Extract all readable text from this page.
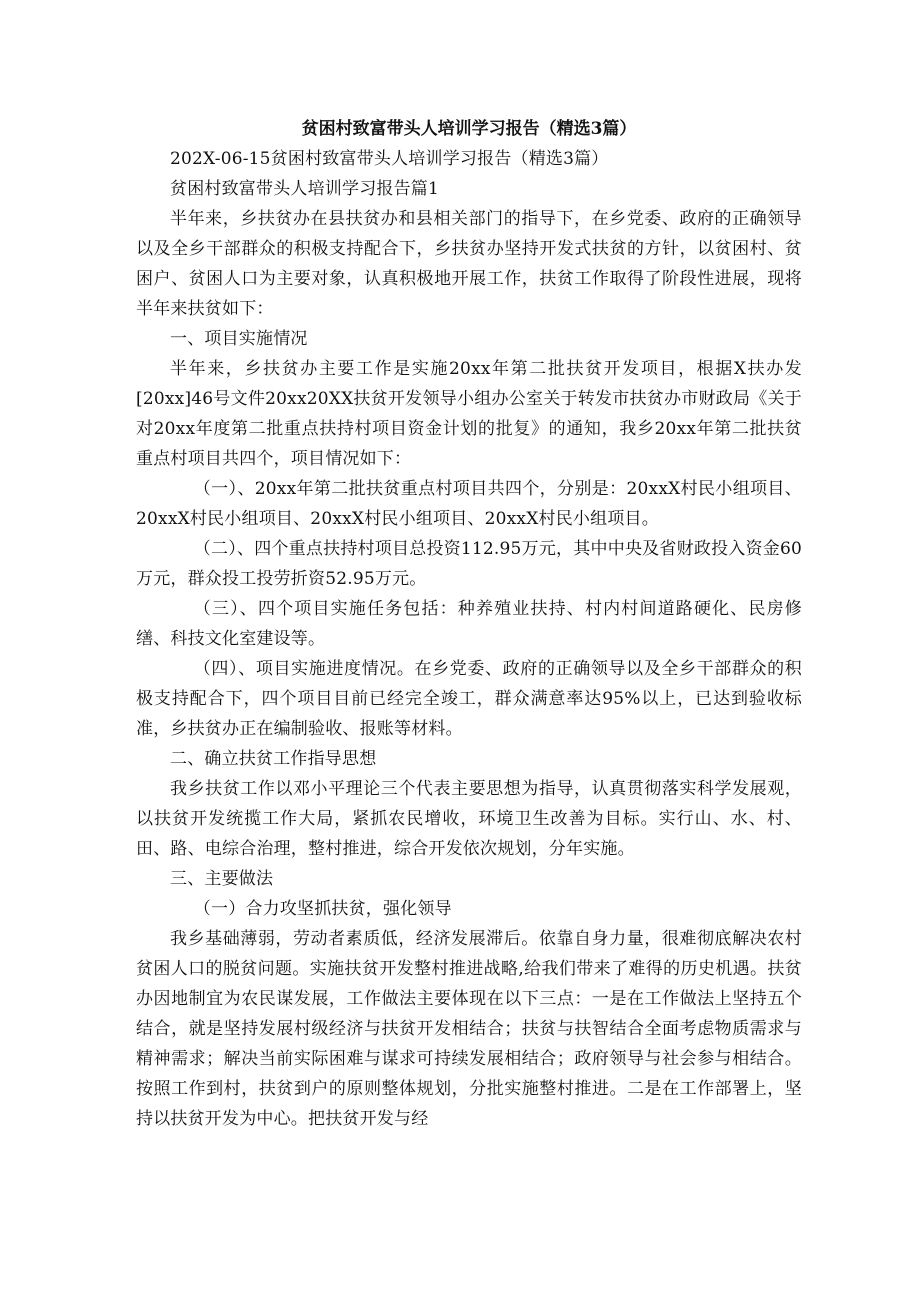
贫困村致富带头人培训学习报告（精选3篇）

202X-06-15贫困村致富带头人培训学习报告（精选3篇）

贫困村致富带头人培训学习报告篇1

半年来，乡扶贫办在县扶贫办和县相关部门的指导下，在乡党委、政府的正确领导以及全乡干部群众的积极支持配合下，乡扶贫办坚持开发式扶贫的方针，以贫困村、贫困户、贫困人口为主要对象，认真积极地开展工作，扶贫工作取得了阶段性进展，现将半年来扶贫如下：

一、项目实施情况

半年来，乡扶贫办主要工作是实施20xx年第二批扶贫开发项目，根据X扶办发[20xx]46号文件20xx20XX扶贫开发领导小组办公室关于转发市扶贫办市财政局《关于对20xx年度第二批重点扶持村项目资金计划的批复》的通知，我乡20xx年第二批扶贫重点村项目共四个，项目情况如下：

（一）、20xx年第二批扶贫重点村项目共四个，分别是：20xxX村民小组项目、20xxX村民小组项目、20xxX村民小组项目、20xxX村民小组项目。

（二）、四个重点扶持村项目总投资112.95万元，其中中央及省财政投入资金60万元，群众投工投劳折资52.95万元。

（三）、四个项目实施任务包括：种养殖业扶持、村内村间道路硬化、民房修缮、科技文化室建设等。

（四）、项目实施进度情况。在乡党委、政府的正确领导以及全乡干部群众的积极支持配合下，四个项目目前已经完全竣工，群众满意率达95%以上，已达到验收标准，乡扶贫办正在编制验收、报账等材料。

二、确立扶贫工作指导思想

我乡扶贫工作以邓小平理论三个代表主要思想为指导，认真贯彻落实科学发展观，以扶贫开发统揽工作大局，紧抓农民增收，环境卫生改善为目标。实行山、水、村、田、路、电综合治理，整村推进，综合开发依次规划，分年实施。

三、主要做法

（一）合力攻坚抓扶贫，强化领导

我乡基础薄弱，劳动者素质低，经济发展滞后。依靠自身力量，很难彻底解决农村贫困人口的脱贫问题。实施扶贫开发整村推进战略,给我们带来了难得的历史机遇。扶贫办因地制宜为农民谋发展，工作做法主要体现在以下三点：一是在工作做法上坚持五个结合，就是坚持发展村级经济与扶贫开发相结合；扶贫与扶智结合全面考虑物质需求与精神需求；解决当前实际困难与谋求可持续发展相结合；政府领导与社会参与相结合。按照工作到村，扶贫到户的原则整体规划，分批实施整村推进。二是在工作部署上，坚持以扶贫开发为中心。把扶贫开发与经
